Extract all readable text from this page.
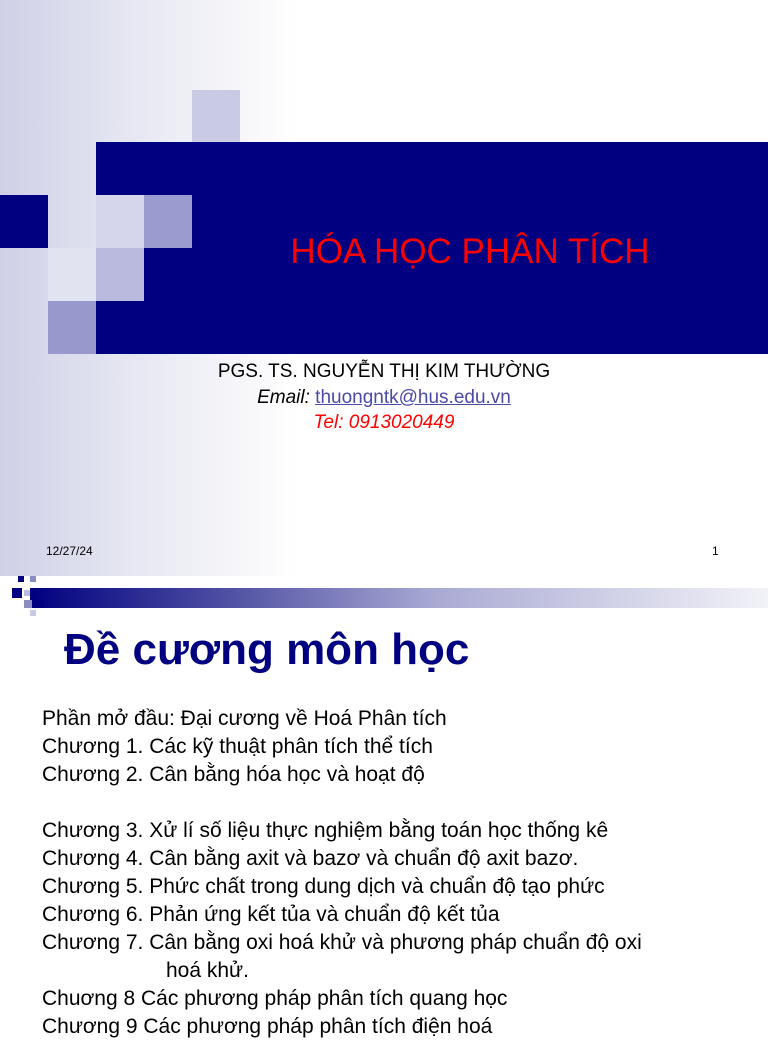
HÓA HỌC PHÂN TÍCH
PGS. TS. NGUYỄN THỊ KIM THƯỜNG
Email: thuongntk@hus.edu.vn
Tel: 0913020449
12/27/24	1
Đề cương môn học
Phần mở đầu: Đại cương về Hoá Phân tích
Chương 1. Các kỹ thuật phân tích thể tích
Chương 2. Cân bằng hóa học và hoạt độ
Chương 3. Xử lí số liệu thực nghiệm bằng toán học thống kê
Chương 4. Cân bằng axit và bazơ và chuẩn độ axit bazơ.
Chương 5. Phức chất trong dung dịch và chuẩn độ tạo phức
Chương 6. Phản ứng kết tủa và chuẩn độ kết tủa
Chương 7. Cân bằng oxi hoá khử và phương pháp chuẩn độ oxi
hoá khử.
Chuơng 8 Các phương pháp phân tích quang học
Chương 9 Các phương pháp phân tích điện hoá
